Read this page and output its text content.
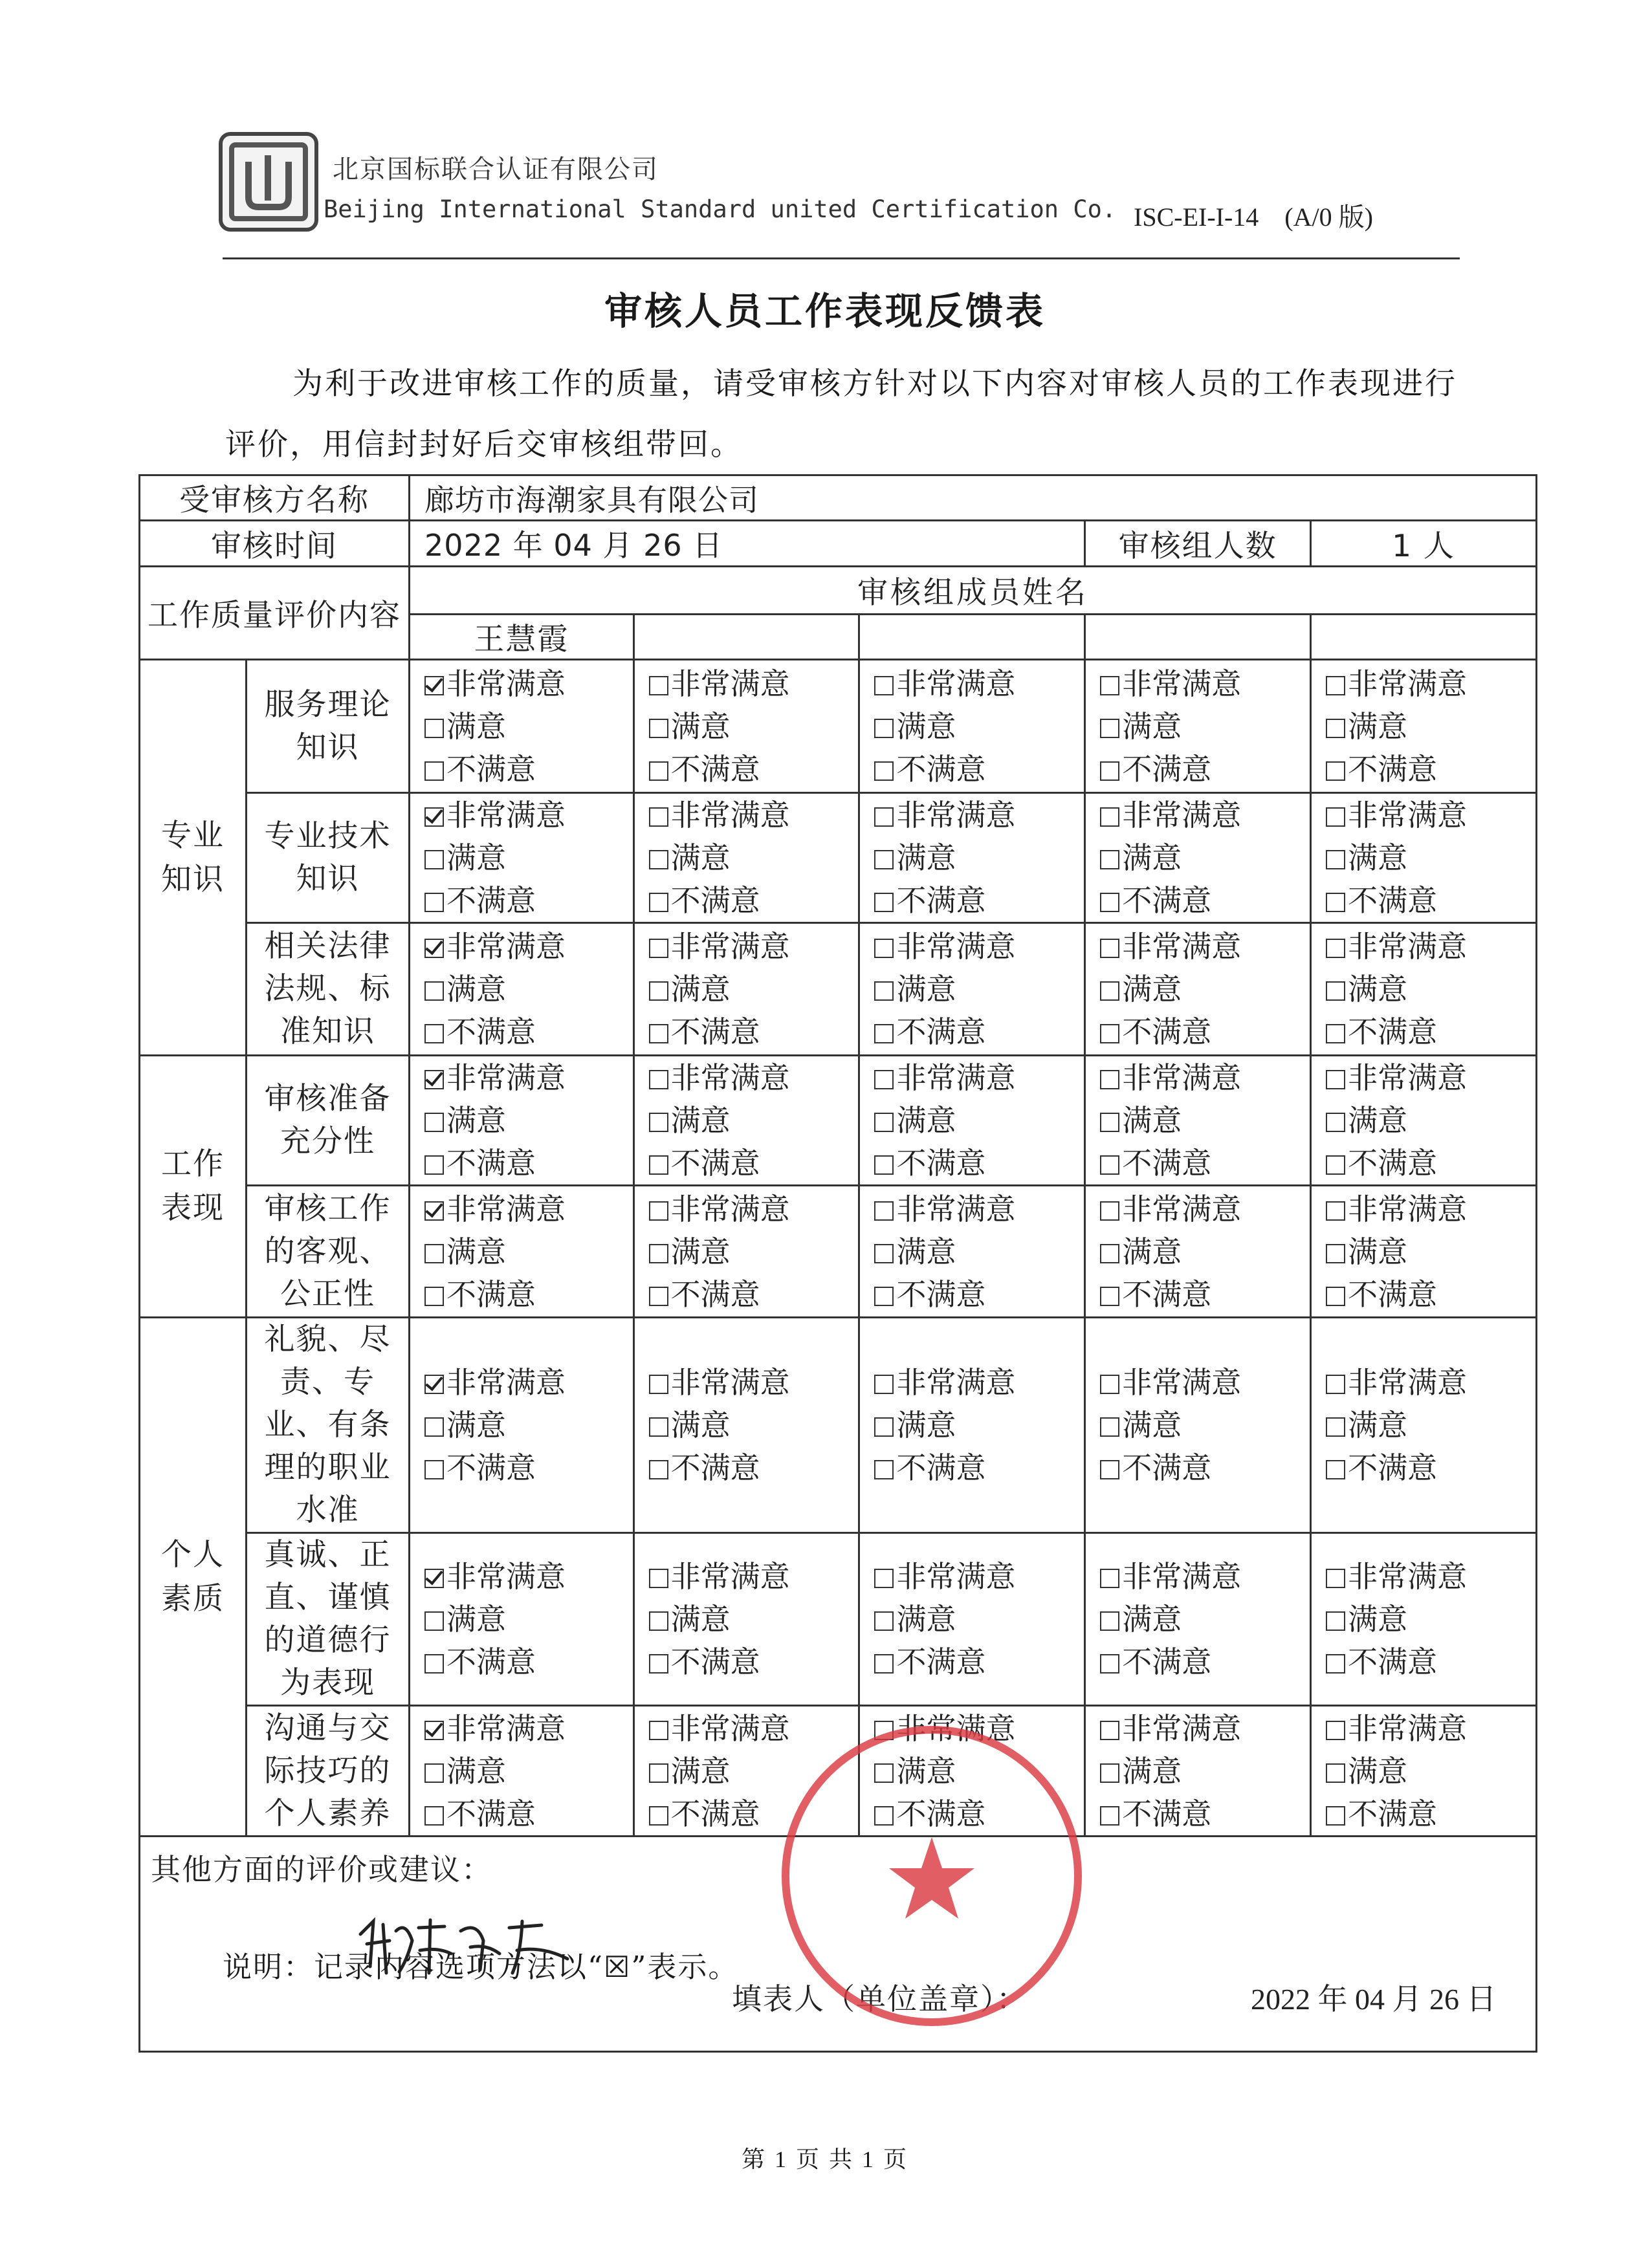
北京国标联合认证有限公司
Beijing International Standard united Certification Co. ISC-EI-I-14    (A/0 版)
审核人员工作表现反馈表
为利于改进审核工作的质量，请受审核方针对以下内容对审核人员的工作表现进行
评价，用信封封好后交审核组带回。
受审核方名称		廊坊市海潮家具有限公司				
审核时间		2022 年 04 月 26 日			审核组人数	1 人
工作质量评价内容		审核组成员姓名				
		王慧霞				
专业知识	服务理论知识	非常满意
满意
不满意	非常满意
满意
不满意	非常满意
满意
不满意	非常满意
满意
不满意	非常满意
满意
不满意

	专业技术知识	非常满意
满意
不满意	非常满意
满意
不满意	非常满意
满意
不满意	非常满意
满意
不满意	非常满意
满意
不满意

	相关法律法规、标准知识	非常满意
满意
不满意	非常满意
满意
不满意	非常满意
满意
不满意	非常满意
满意
不满意	非常满意
满意
不满意

工作表现	审核准备充分性	非常满意
满意
不满意	非常满意
满意
不满意	非常满意
满意
不满意	非常满意
满意
不满意	非常满意
满意
不满意

	审核工作的客观、公正性	非常满意
满意
不满意	非常满意
满意
不满意	非常满意
满意
不满意	非常满意
满意
不满意	非常满意
满意
不满意

个人素质	礼貌、尽责、专业、有条理的职业水准	非常满意
满意
不满意	非常满意
满意
不满意	非常满意
满意
不满意	非常满意
满意
不满意	非常满意
满意
不满意

	真诚、正直、谨慎的道德行为表现	非常满意
满意
不满意	非常满意
满意
不满意	非常满意
满意
不满意	非常满意
满意
不满意	非常满意
满意
不满意

	沟通与交际技巧的个人素养	非常满意
满意
不满意	非常满意
满意
不满意	非常满意
满意
不满意	非常满意
满意
不满意	非常满意
满意
不满意

其他方面的评价或建议：
填表人（单位盖章）： 2022 年 04 月 26 日						
说明：记录内容选项方法以“☒”表示。
第 1 页 共 1 页
